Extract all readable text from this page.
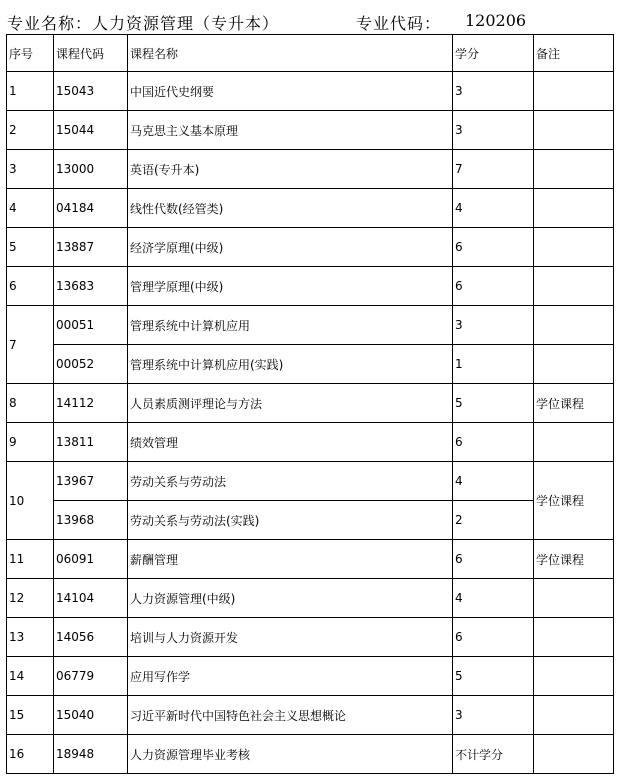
专业名称：人力资源管理（专升本）	专业代码： 120206
序号	课程代码	课程名称	学分	备注
1	15043	中国近代史纲要	3	
2	15044	马克思主义基本原理	3	
3	13000	英语(专升本)	7	
4	04184	线性代数(经管类)	4	
5	13887	经济学原理(中级)	6	
6	13683	管理学原理(中级)	6	
7	00051	管理系统中计算机应用	3	
	00052	管理系统中计算机应用(实践)	1	
8	14112	人员素质测评理论与方法	5	学位课程
9	13811	绩效管理	6	
10	13967	劳动关系与劳动法	4	学位课程
	13968	劳动关系与劳动法(实践)	2	
11	06091	薪酬管理	6	学位课程
12	14104	人力资源管理(中级)	4	
13	14056	培训与人力资源开发	6	
14	06779	应用写作学	5	
15	15040	习近平新时代中国特色社会主义思想概论	3	
16	18948	人力资源管理毕业考核	不计学分	
